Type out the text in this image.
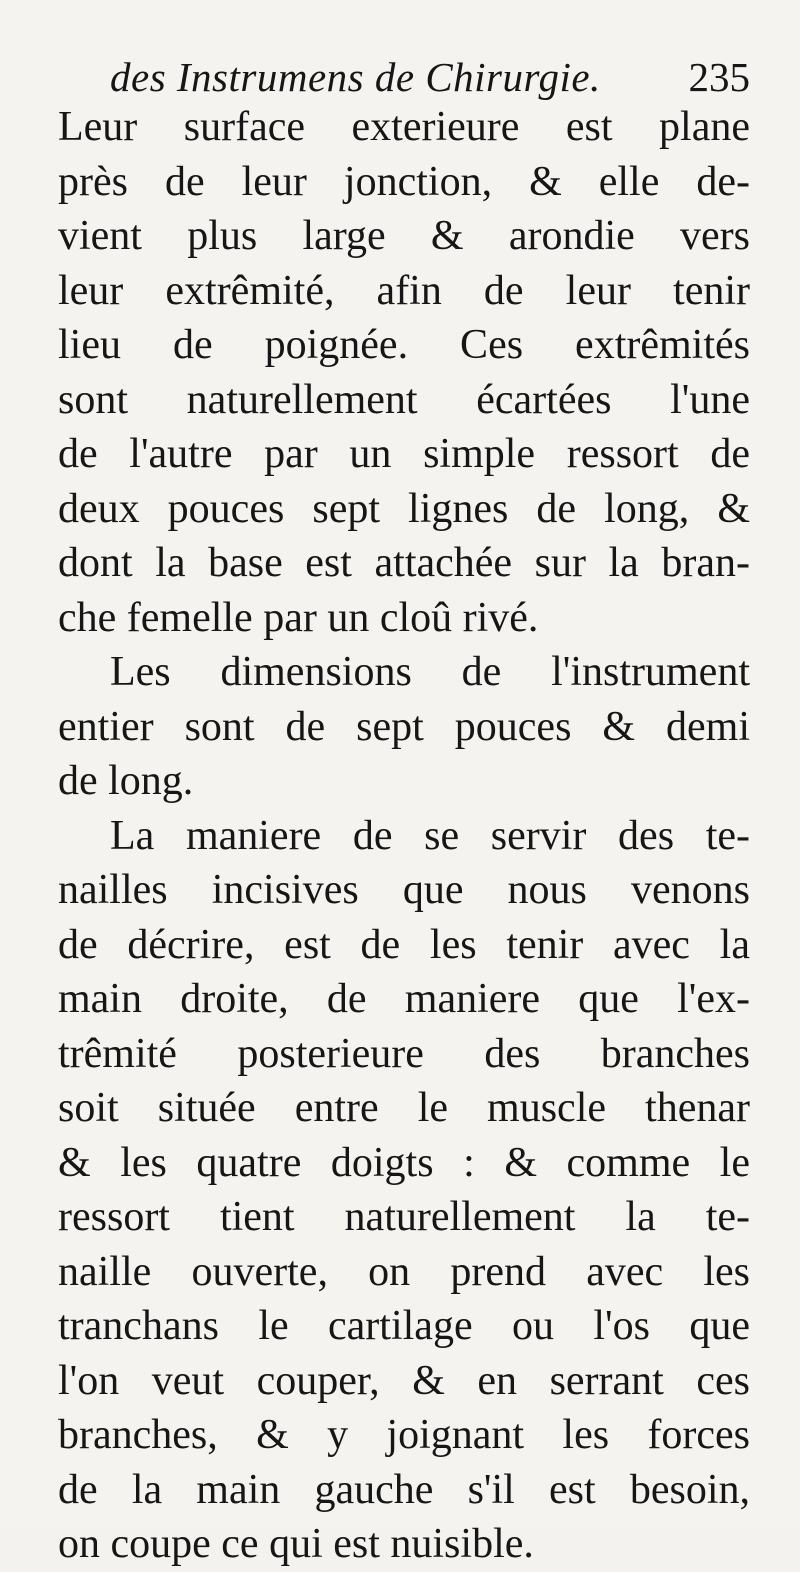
des Instrumens de Chirurgie. 235
Leur surface exterieure est plane
près de leur jonction, & elle de-
vient plus large & arondie vers
leur extrêmité, afin de leur tenir
lieu de poignée. Ces extrêmités
sont naturellement écartées l'une
de l'autre par un simple ressort de
deux pouces sept lignes de long, &
dont la base est attachée sur la bran-
che femelle par un cloû rivé.
Les dimensions de l'instrument
entier sont de sept pouces & demi
de long.
La maniere de se servir des te-
nailles incisives que nous venons
de décrire, est de les tenir avec la
main droite, de maniere que l'ex-
trêmité posterieure des branches
soit située entre le muscle thenar
& les quatre doigts : & comme le
ressort tient naturellement la te-
naille ouverte, on prend avec les
tranchans le cartilage ou l'os que
l'on veut couper, & en serrant ces
branches, & y joignant les forces
de la main gauche s'il est besoin,
on coupe ce qui est nuisible.
